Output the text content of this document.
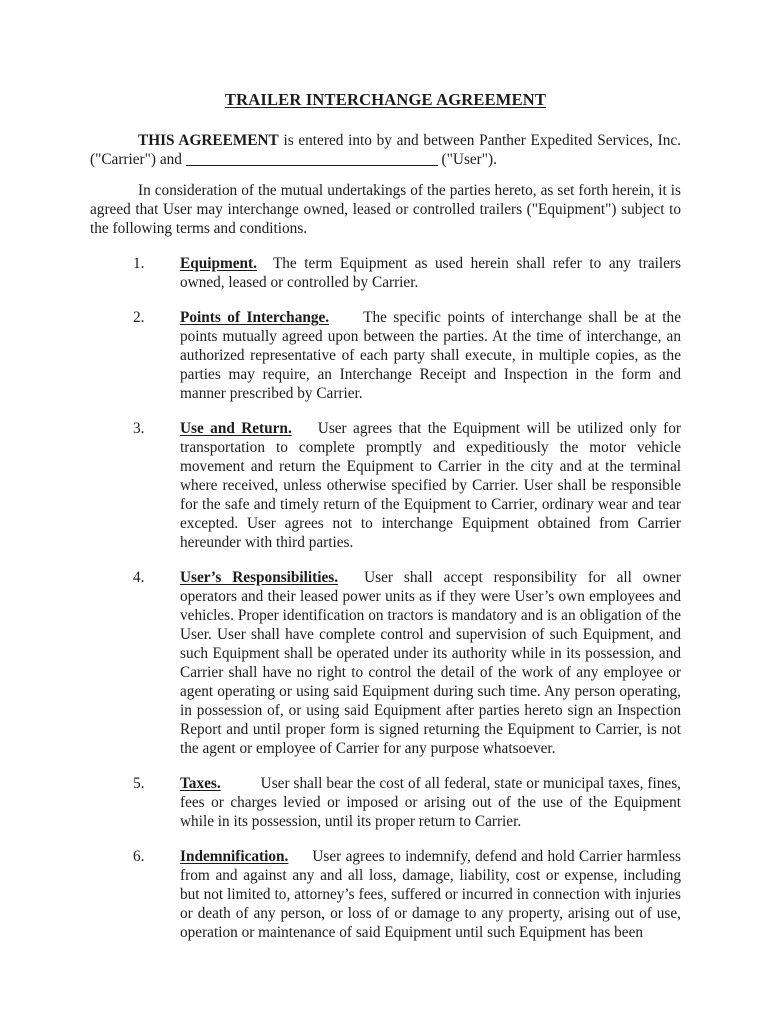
TRAILER INTERCHANGE AGREEMENT

THIS AGREEMENT is entered into by and between Panther Expedited Services, Inc. ("Carrier") and	("User").

In consideration of the mutual undertakings of the parties hereto, as set forth herein, it is agreed that User may interchange owned, leased or controlled trailers ("Equipment") subject to the following terms and conditions.

1.	Equipment. The term Equipment as used herein shall refer to any trailers owned, leased or controlled by Carrier.
2.	Points of Interchange. The specific points of interchange shall be at the points mutually agreed upon between the parties. At the time of interchange, an authorized representative of each party shall execute, in multiple copies, as the parties may require, an Interchange Receipt and Inspection in the form and manner prescribed by Carrier.
3.	Use and Return. User agrees that the Equipment will be utilized only for transportation to complete promptly and expeditiously the motor vehicle movement and return the Equipment to Carrier in the city and at the terminal where received, unless otherwise specified by Carrier. User shall be responsible for the safe and timely return of the Equipment to Carrier, ordinary wear and tear excepted. User agrees not to interchange Equipment obtained from Carrier hereunder with third parties.
4.	User’s Responsibilities. User shall accept responsibility for all owner operators and their leased power units as if they were User’s own employees and vehicles. Proper identification on tractors is mandatory and is an obligation of the User. User shall have complete control and supervision of such Equipment, and such Equipment shall be operated under its authority while in its possession, and Carrier shall have no right to control the detail of the work of any employee or agent operating or using said Equipment during such time. Any person operating, in possession of, or using said Equipment after parties hereto sign an Inspection Report and until proper form is signed returning the Equipment to Carrier, is not the agent or employee of Carrier for any purpose whatsoever.
5.	Taxes.	User shall bear the cost of all federal, state or municipal taxes, fines, fees or charges levied or imposed or arising out of the use of the Equipment while in its possession, until its proper return to Carrier.
6.	Indemnification. User agrees to indemnify, defend and hold Carrier harmless from and against any and all loss, damage, liability, cost or expense, including but not limited to, attorney’s fees, suffered or incurred in connection with injuries or death of any person, or loss of or damage to any property, arising out of use, operation or maintenance of said Equipment until such Equipment has been
